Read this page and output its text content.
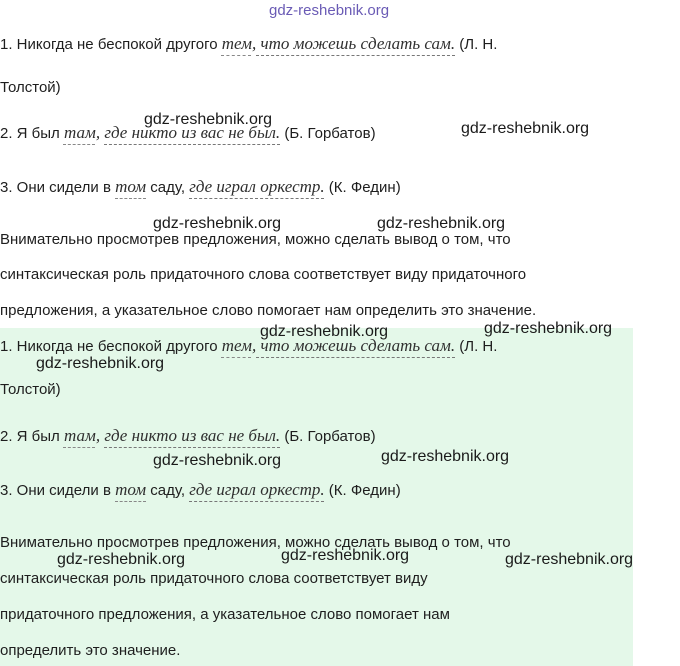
gdz-reshebnik.org
1. Никогда не беспокой другого тем, что можешь сделать сам. (Л. Н.
Толстой)
2. Я был там, где никто из вас не был. (Б. Горбатов)
3. Они сидели в том саду, где играл оркестр. (К. Федин)
Внимательно просмотрев предложения, можно сделать вывод о том, что
синтаксическая роль придаточного слова соответствует виду придаточного
предложения, а указательное слово помогает нам определить это значение.
1. Никогда не беспокой другого тем, что можешь сделать сам. (Л. Н.
Толстой)
2. Я был там, где никто из вас не был. (Б. Горбатов)
3. Они сидели в том саду, где играл оркестр. (К. Федин)
Внимательно просмотрев предложения, можно сделать вывод о том, что
синтаксическая роль придаточного слова соответствует виду
придаточного предложения, а указательное слово помогает нам
определить это значение.
gdz-reshebnik.org
gdz-reshebnik.org
gdz-reshebnik.org	gdz-reshebnik.org
gdz-reshebnik.org	gdz-reshebnik.org
gdz-reshebnik.org
gdz-reshebnik.org	gdz-reshebnik.org
gdz-reshebnik.org	gdz-reshebnik.org	gdz-reshebnik.org
